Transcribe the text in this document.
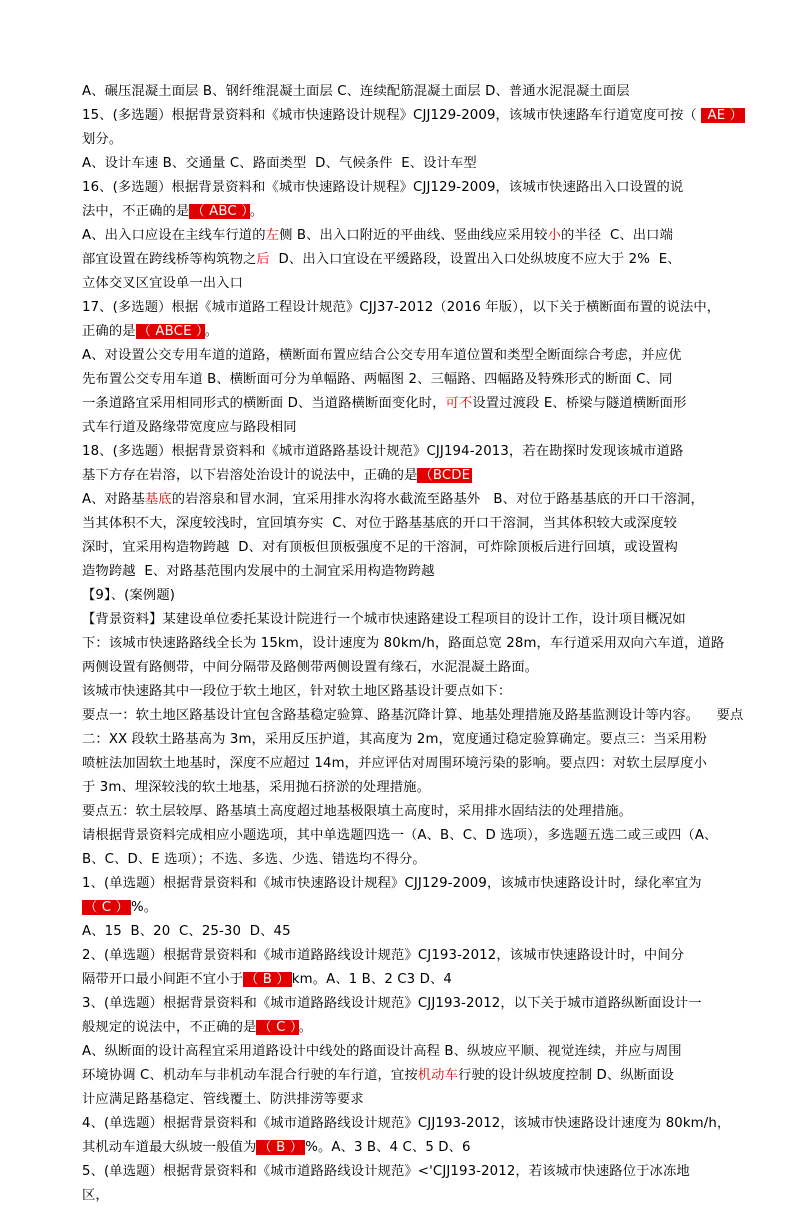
A、碾压混凝土面层 B、钢纤维混凝土面层 C、连续配筋混凝土面层 D、普通水泥混凝土面层
15、(多选题）根据背景资料和《城市快速路设计规程》CJJ129-2009，该城市快速路车行道宽度可按（  AE ）
划分。
A、设计车速 B、交通量 C、路面类型  D、气候条件  E、设计车型
16、(多选题）根据背景资料和《城市快速路设计规程》CJJ129-2009，该城市快速路出入口设置的说
法中，不正确的是 （ ABC ） 。
A、出入口应设在主线车行道的左侧 B、出入口附近的平曲线、竖曲线应采用较小的半径  C、出口端
部宜设置在跨线桥等构筑物之后  D、出入口宜设在平缓路段，设置出入口处纵坡度不应大于 2%  E、
立体交叉区宜设单一出入口
17、(多选题）根据《城市道路工程设计规范》CJJ37-2012（2016 年版），以下关于横断面布置的说法中，
正确的是 （ ABCE ） 。
A、对设置公交专用车道的道路，横断面布置应结合公交专用车道位置和类型全断面综合考虑，并应优
先布置公交专用车道 B、横断面可分为单幅路、两幅图 2、三幅路、四幅路及特殊形式的断面 C、同
一条道路宜采用相同形式的横断面 D、当道路横断面变化时，可不设置过渡段 E、桥梁与隧道横断面形
式车行道及路缘带宽度应与路段相同
18、(多选题）根据背景资料和《城市道路路基设计规范》CJJ194-2013，若在勘探时发现该城市道路
基下方存在岩溶，以下岩溶处治设计的说法中，正确的是 （BCDE
A、对路基基底的岩溶泉和冒水洞，宜采用排水沟将水截流至路基外   B、对位于路基基底的开口干溶洞，
当其体积不大，深度较浅时，宜回填夯实  C、对位于路基基底的开口干溶洞，当其体积较大或深度较
深时，宜采用构造物跨越  D、对有顶板但顶板强度不足的干溶洞，可炸除顶板后进行回填，或设置构
造物跨越  E、对路基范围内发展中的土洞宜采用构造物跨越
【9】、(案例题)
【背景资料】某建设单位委托某设计院进行一个城市快速路建设工程项目的设计工作，设计项目概况如
下：该城市快速路路线全长为 15km，设计速度为 80km/h，路面总宽 28m，车行道采用双向六车道，道路
两侧设置有路侧带，中间分隔带及路侧带两侧设置有缘石，水泥混凝土路面。
该城市快速路其中一段位于软土地区，针对软土地区路基设计要点如下：
要点一：软土地区路基设计宜包含路基稳定验算、路基沉降计算、地基处理措施及路基监测设计等内容。    要点
二：XX 段软土路基高为 3m，采用反压护道，其高度为 2m，宽度通过稳定验算确定。要点三：当采用粉
喷桩法加固软土地基时，深度不应超过 14m，并应评估对周围环境污染的影响。要点四：对软土层厚度小
于 3m、埋深较浅的软土地基，采用抛石挤淤的处理措施。
要点五：软土层较厚、路基填土高度超过地基极限填土高度时，采用排水固结法的处理措施。
请根据背景资料完成相应小题选项，其中单选题四选一（A、B、C、D 选项），多选题五选二或三或四（A、
B、C、D、E 选项）；不选、多选、少选、错选均不得分。
1、(单选题）根据背景资料和《城市快速路设计规程》CJJ129-2009，该城市快速路设计时，绿化率宜为
（ C ） %。
A、15  B、20  C、25-30  D、45
2、(单选题）根据背景资料和《城市道路路线设计规范》CJ193-2012，该城市快速路设计时，中间分
隔带开口最小间距不宜小于 （ B ） km。A、1 B、2 C3 D、4
3、(单选题）根据背景资料和《城市道路路线设计规范》CJJ193-2012，以下关于城市道路纵断面设计一
般规定的说法中，不正确的是 （ C ） 。
A、纵断面的设计高程宜采用道路设计中线处的路面设计高程 B、纵坡应平顺、视觉连续，并应与周围
环境协调 C、机动车与非机动车混合行驶的车行道，宜按机动车行驶的设计纵坡度控制 D、纵断面设
计应满足路基稳定、管线覆土、防洪排涝等要求
4、(单选题）根据背景资料和《城市道路路线设计规范》CJJ193-2012，该城市快速路设计速度为 80km/h，
其机动车道最大纵坡一般值为 （ B ） %。A、3 B、4 C、5 D、6
5、(单选题）根据背景资料和《城市道路路线设计规范》<'CJJ193-2012，若该城市快速路位于冰冻地
区，
